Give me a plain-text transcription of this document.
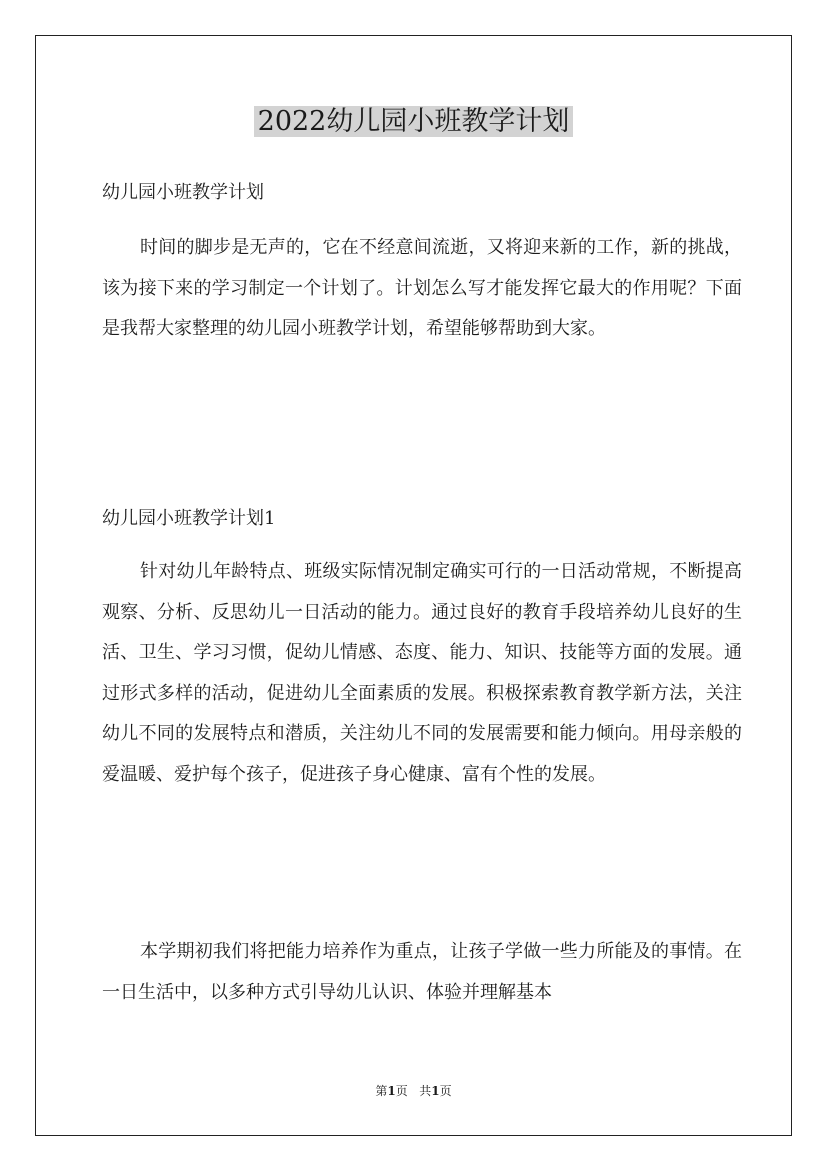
2022幼儿园小班教学计划
幼儿园小班教学计划

时间的脚步是无声的，它在不经意间流逝，又将迎来新的工作，新的挑战，该为接下来的学习制定一个计划了。计划怎么写才能发挥它最大的作用呢？下面是我帮大家整理的幼儿园小班教学计划，希望能够帮助到大家。

幼儿园小班教学计划1

针对幼儿年龄特点、班级实际情况制定确实可行的一日活动常规，不断提高观察、分析、反思幼儿一日活动的能力。通过良好的教育手段培养幼儿良好的生活、卫生、学习习惯，促幼儿情感、态度、能力、知识、技能等方面的发展。通过形式多样的活动，促进幼儿全面素质的发展。积极探索教育教学新方法，关注幼儿不同的发展特点和潜质，关注幼儿不同的发展需要和能力倾向。用母亲般的爱温暖、爱护每个孩子，促进孩子身心健康、富有个性的发展。

本学期初我们将把能力培养作为重点，让孩子学做一些力所能及的事情。在一日生活中，以多种方式引导幼儿认识、体验并理解基本

第1页 共1页
